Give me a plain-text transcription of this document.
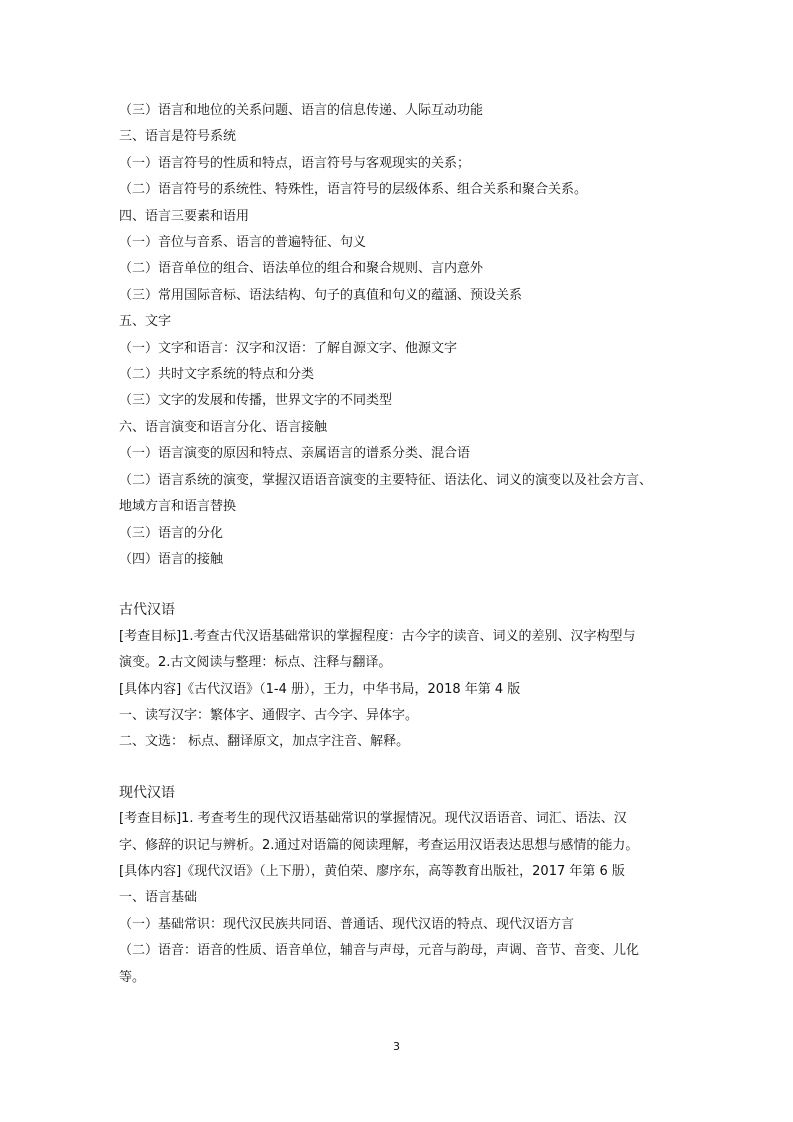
（三）语言和地位的关系问题、语言的信息传递、人际互动功能
三、语言是符号系统
（一）语言符号的性质和特点，语言符号与客观现实的关系；
（二）语言符号的系统性、特殊性，语言符号的层级体系、组合关系和聚合关系。
四、语言三要素和语用
（一）音位与音系、语言的普遍特征、句义
（二）语音单位的组合、语法单位的组合和聚合规则、言内意外
（三）常用国际音标、语法结构、句子的真值和句义的蕴涵、预设关系
五、文字
（一）文字和语言：汉字和汉语：了解自源文字、他源文字
（二）共时文字系统的特点和分类
（三）文字的发展和传播，世界文字的不同类型
六、语言演变和语言分化、语言接触
（一）语言演变的原因和特点、亲属语言的谱系分类、混合语
（二）语言系统的演变，掌握汉语语音演变的主要特征、语法化、词义的演变以及社会方言、
地域方言和语言替换
（三）语言的分化
（四）语言的接触
古代汉语
[考查目标]1.考查古代汉语基础常识的掌握程度：古今字的读音、词义的差别、汉字构型与
演变。2.古文阅读与整理：标点、注释与翻译。
[具体内容]《古代汉语》（1-4 册），王力，中华书局，2018 年第 4 版
一、读写汉字：繁体字、通假字、古今字、异体字。
二、文选： 标点、翻译原文，加点字注音、解释。
现代汉语
[考查目标]1. 考查考生的现代汉语基础常识的掌握情况。现代汉语语音、词汇、语法、汉
字、修辞的识记与辨析。2.通过对语篇的阅读理解，考查运用汉语表达思想与感情的能力。
[具体内容]《现代汉语》（上下册），黄伯荣、廖序东，高等教育出版社，2017 年第 6 版
一、语言基础
（一）基础常识：现代汉民族共同语、普通话、现代汉语的特点、现代汉语方言
（二）语音：语音的性质、语音单位，辅音与声母，元音与韵母，声调、音节、音变、儿化
等。
3
